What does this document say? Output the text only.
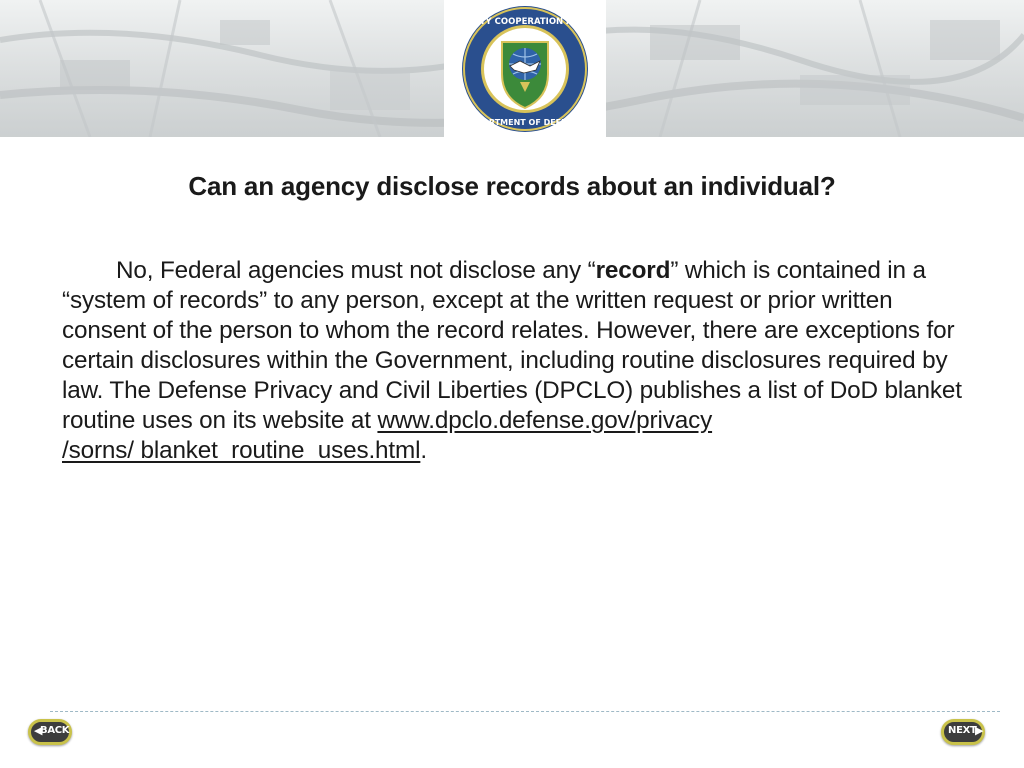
SECURITY COOPERATION AGENCY
DEPARTMENT OF DEFENSE
Can an agency disclose records about an individual?
No, Federal agencies must not disclose any “record” which is contained in a “system of records” to any person, except at the written request or prior written consent of the person to whom the record relates. However, there are exceptions for certain disclosures within the Government, including routine disclosures required by law. The Defense Privacy and Civil Liberties (DPCLO) publishes a list of DoD blanket routine uses on its website at www.dpclo.defense.gov/privacy
/sorns/ blanket_routine_uses.html.
◀
BACK	NEXT
▶
